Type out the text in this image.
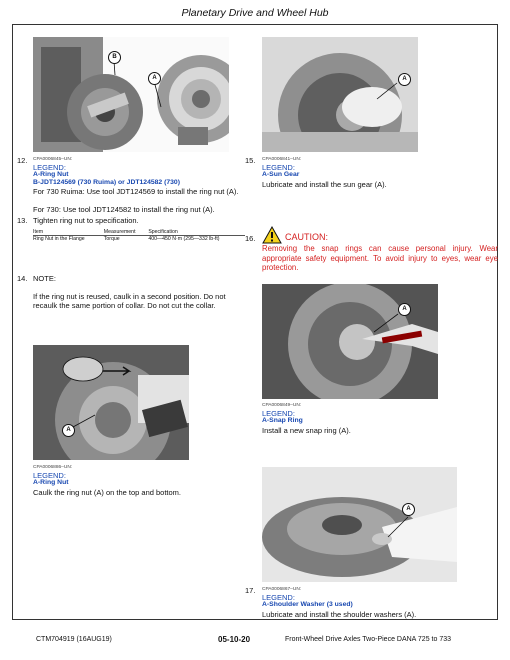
Planetary Drive and Wheel Hub
B
A
12. CPA0006845–UN:
LEGEND:
A-Ring Nut
B-JDT124569 (730 Ruima) or JDT124582 (730)
For 730 Ruima: Use tool JDT124569 to install the ring nut (A).
For 730: Use tool JDT124582 to install the ring nut (A).
13. Tighten ring nut to specification.
Item	Measurement	Specification
Ring Nut in the Flange	Torque	400—450 N·m (295—332 lb-ft)
14. NOTE:
If the ring nut is reused, caulk in a second position. Do not recaulk the same portion of collar. Do not cut the collar.
A
CPA0006886–UN:
LEGEND:
A-Ring Nut
Caulk the ring nut (A) on the top and bottom.
A
15. CPA0006841–UN:
LEGEND:
A-Sun Gear
Lubricate and install the sun gear (A).
16.	CAUTION:
Removing the snap rings can cause personal injury. Wear appropriate safety equipment. To avoid injury to eyes, wear eye protection.
A
CPA0006849–UN:
LEGEND:
A-Snap Ring
Install a new snap ring (A).
A
17. CPA0006867–UN:
LEGEND:
A-Shoulder Washer (3 used)
Lubricate and install the shoulder washers (A).
CTM704919 (16AUG19)	05-10-20	Front-Wheel Drive Axles Two-Piece DANA 725 to 733
